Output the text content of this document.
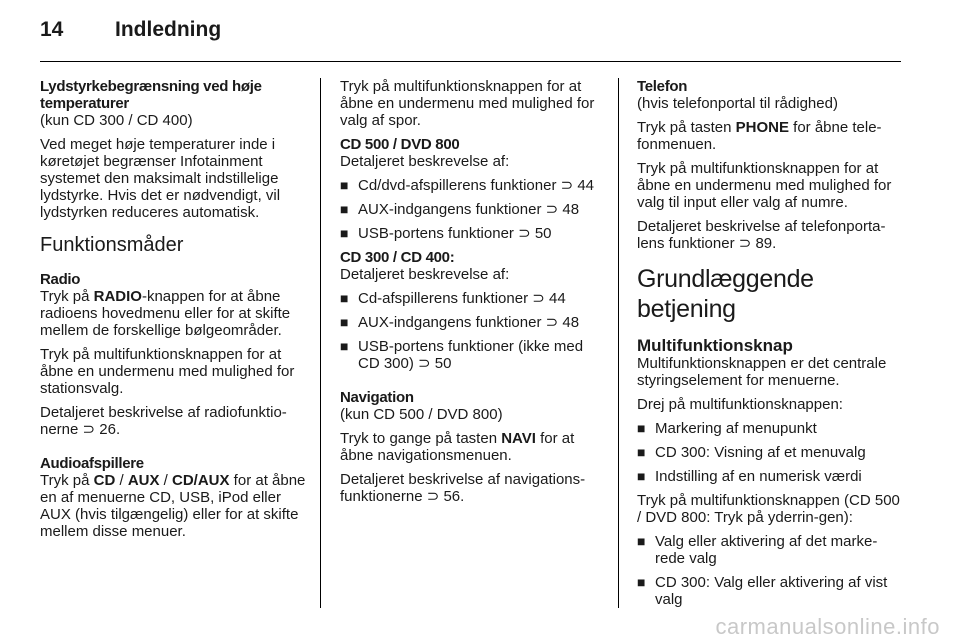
14 Indledning

Lydstyrkebegrænsning ved høje temperaturer

(kun CD 300 / CD 400)

Ved meget høje temperaturer inde i køretøjet begrænser Infotainment systemet den maksimalt indstillelige lydstyrke. Hvis det er nødvendigt, vil lydstyrken reduceres automatisk.

Funktionsmåder

Radio

Tryk på RADIO-knappen for at åbne radioens hovedmenu eller for at skifte mellem de forskellige bølgeområder.

Tryk på multifunktionsknappen for at åbne en undermenu med mulighed for stationsvalg.

Detaljeret beskrivelse af radiofunktio-nerne ⊃ 26.

Audioafspillere

Tryk på CD / AUX / CD/AUX for at åbne en af menuerne CD, USB, iPod eller AUX (hvis tilgængelig) eller for at skifte mellem disse menuer.

Tryk på multifunktionsknappen for at åbne en undermenu med mulighed for valg af spor.

CD 500 / DVD 800

Detaljeret beskrevelse af:

■ Cd/dvd-afspillerens funktioner ⊃ 44
■ AUX-indgangens funktioner ⊃ 48
■ USB-portens funktioner ⊃ 50

CD 300 / CD 400:

Detaljeret beskrevelse af:

■ Cd-afspillerens funktioner ⊃ 44
■ AUX-indgangens funktioner ⊃ 48
■ USB-portens funktioner (ikke med CD 300) ⊃ 50

Navigation

(kun CD 500 / DVD 800)

Tryk to gange på tasten NAVI for at åbne navigationsmenuen.

Detaljeret beskrivelse af navigations-funktionerne ⊃ 56.

Telefon

(hvis telefonportal til rådighed)

Tryk på tasten PHONE for åbne tele-fonmenuen.

Tryk på multifunktionsknappen for at åbne en undermenu med mulighed for valg til input eller valg af numre.

Detaljeret beskrivelse af telefonporta-lens funktioner ⊃ 89.

Grundlæggende betjening

Multifunktionsknap

Multifunktionsknappen er det centrale styringselement for menuerne.

Drej på multifunktionsknappen:

■ Markering af menupunkt
■ CD 300: Visning af et menuvalg
■ Indstilling af en numerisk værdi

Tryk på multifunktionsknappen (CD 500 / DVD 800: Tryk på yderrin-gen):

■ Valg eller aktivering af det marke-rede valg
■ CD 300: Valg eller aktivering af vist valg
carmanualsonline.info
